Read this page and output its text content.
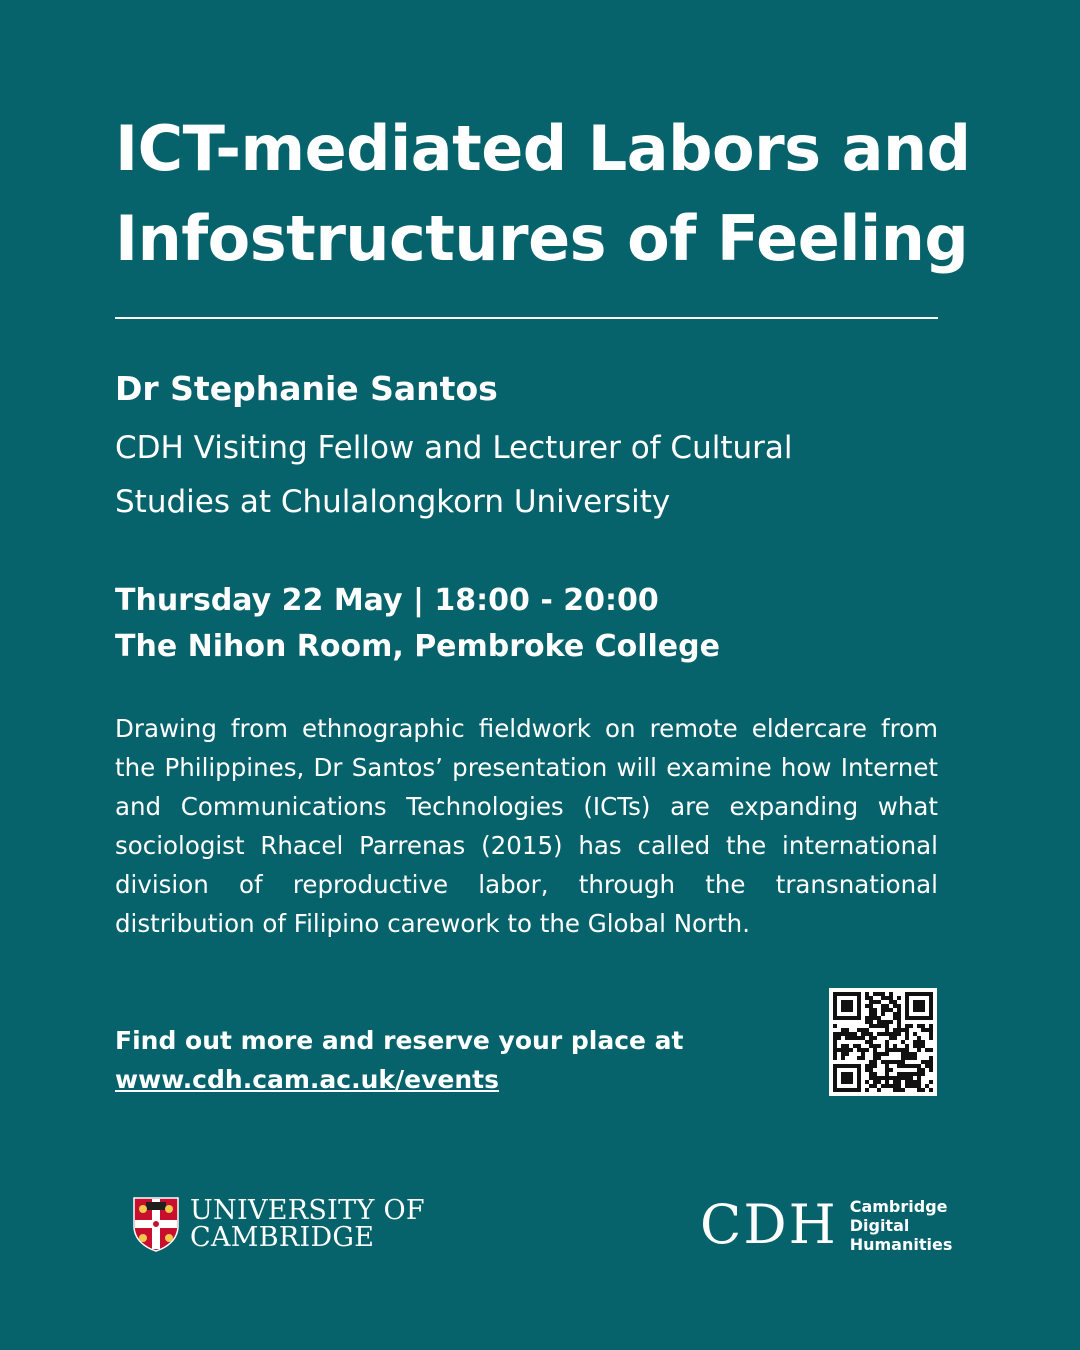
ICT-mediated Labors and
Infostructures of Feeling

Dr Stephanie Santos

CDH Visiting Fellow and Lecturer of Cultural
Studies at Chulalongkorn University

Thursday 22 May | 18:00 - 20:00

The Nihon Room, Pembroke College

Drawing from ethnographic fieldwork on remote eldercare from the Philippines, Dr Santos’ presentation will examine how Internet and Communications Technologies (ICTs) are expanding what sociologist Rhacel Parrenas (2015) has called the international division of reproductive labor, through the transnational distribution of Filipino carework to the Global North.

Find out more and reserve your place at
www.cdh.cam.ac.uk/events

UNIVERSITY OF
CAMBRIDGE	CDH Cambridge
Digital
Humanities
